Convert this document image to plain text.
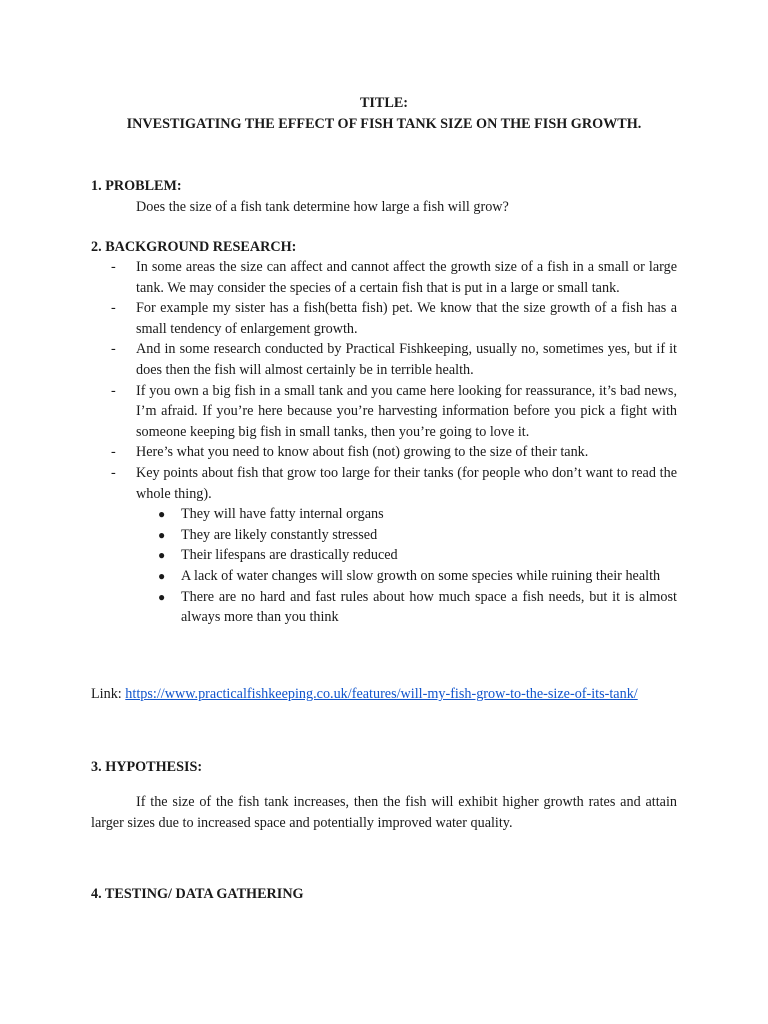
TITLE:
INVESTIGATING THE EFFECT OF FISH TANK SIZE ON THE FISH GROWTH.
1. PROBLEM:
Does the size of a fish tank determine how large a fish will grow?
2. BACKGROUND RESEARCH:
- In some areas the size can affect and cannot affect the growth size of a fish in a small or large tank. We may consider the species of a certain fish that is put in a large or small tank.
- For example my sister has a fish(betta fish) pet. We know that the size growth of a fish has a small tendency of enlargement growth.
- And in some research conducted by Practical Fishkeeping, usually no, sometimes yes, but if it does then the fish will almost certainly be in terrible health.
- If you own a big fish in a small tank and you came here looking for reassurance, it’s bad news, I’m afraid. If you’re here because you’re harvesting information before you pick a fight with someone keeping big fish in small tanks, then you’re going to love it.
- Here’s what you need to know about fish (not) growing to the size of their tank.
- Key points about fish that grow too large for their tanks (for people who don’t want to read the whole thing).
● They will have fatty internal organs
● They are likely constantly stressed
● Their lifespans are drastically reduced
● A lack of water changes will slow growth on some species while ruining their health
● There are no hard and fast rules about how much space a fish needs, but it is almost always more than you think
Link: https://www.practicalfishkeeping.co.uk/features/will-my-fish-grow-to-the-size-of-its-tank/
3. HYPOTHESIS:
If the size of the fish tank increases, then the fish will exhibit higher growth rates and attain larger sizes due to increased space and potentially improved water quality.
4. TESTING/ DATA GATHERING
